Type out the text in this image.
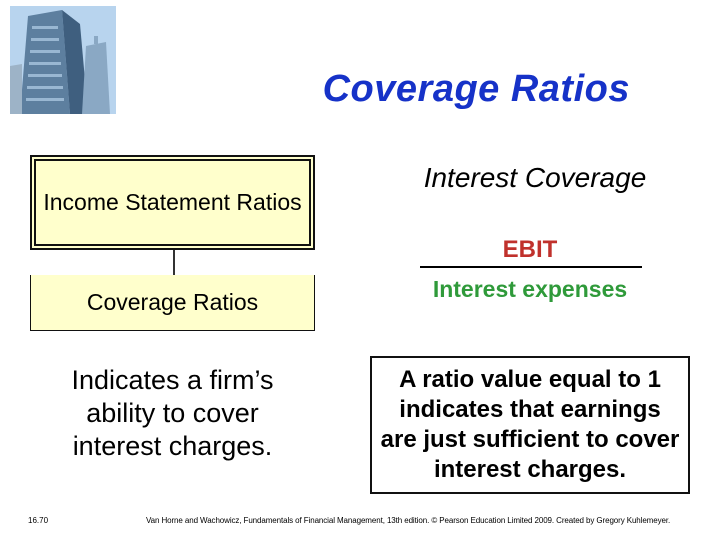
Coverage Ratios
Income Statement Ratios
Coverage Ratios
Indicates a firm’s ability to cover interest charges.
Interest Coverage
EBIT
Interest expenses
A ratio value equal to 1 indicates that earnings are just sufficient to cover interest charges.
16.70	Van Horne and Wachowicz, Fundamentals of Financial Management, 13th edition. © Pearson Education Limited 2009. Created by Gregory Kuhlemeyer.
